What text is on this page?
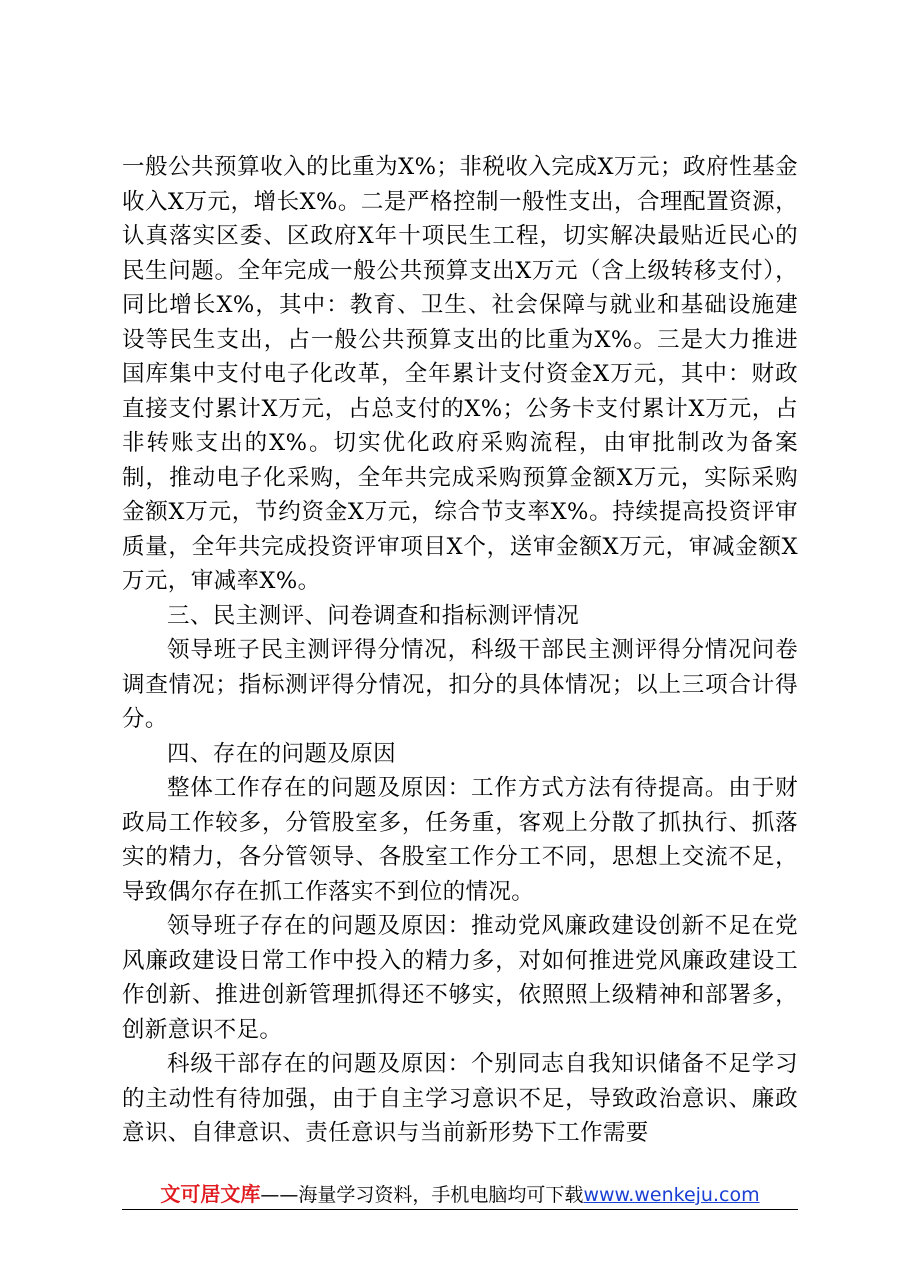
一般公共预算收入的比重为X%；非税收入完成X万元；政府性基金收入X万元，增长X%。二是严格控制一般性支出，合理配置资源，认真落实区委、区政府X年十项民生工程，切实解决最贴近民心的民生问题。全年完成一般公共预算支出X万元（含上级转移支付），同比增长X%，其中：教育、卫生、社会保障与就业和基础设施建设等民生支出，占一般公共预算支出的比重为X%。三是大力推进国库集中支付电子化改革，全年累计支付资金X万元，其中：财政直接支付累计X万元，占总支付的X%；公务卡支付累计X万元，占非转账支出的X%。切实优化政府采购流程，由审批制改为备案制，推动电子化采购，全年共完成采购预算金额X万元，实际采购金额X万元，节约资金X万元，综合节支率X%。持续提高投资评审质量，全年共完成投资评审项目X个，送审金额X万元，审减金额X万元，审减率X%。

三、民主测评、问卷调查和指标测评情况

领导班子民主测评得分情况，科级干部民主测评得分情况问卷调查情况；指标测评得分情况，扣分的具体情况；以上三项合计得分。

四、存在的问题及原因

整体工作存在的问题及原因：工作方式方法有待提高。由于财政局工作较多，分管股室多，任务重，客观上分散了抓执行、抓落实的精力，各分管领导、各股室工作分工不同，思想上交流不足，导致偶尔存在抓工作落实不到位的情况。

领导班子存在的问题及原因：推动党风廉政建设创新不足在党风廉政建设日常工作中投入的精力多，对如何推进党风廉政建设工作创新、推进创新管理抓得还不够实，依照照上级精神和部署多，创新意识不足。

科级干部存在的问题及原因：个别同志自我知识储备不足学习的主动性有待加强，由于自主学习意识不足，导致政治意识、廉政意识、自律意识、责任意识与当前新形势下工作需要

文可居文库——海量学习资料，手机电脑均可下载www.wenkeju.com
